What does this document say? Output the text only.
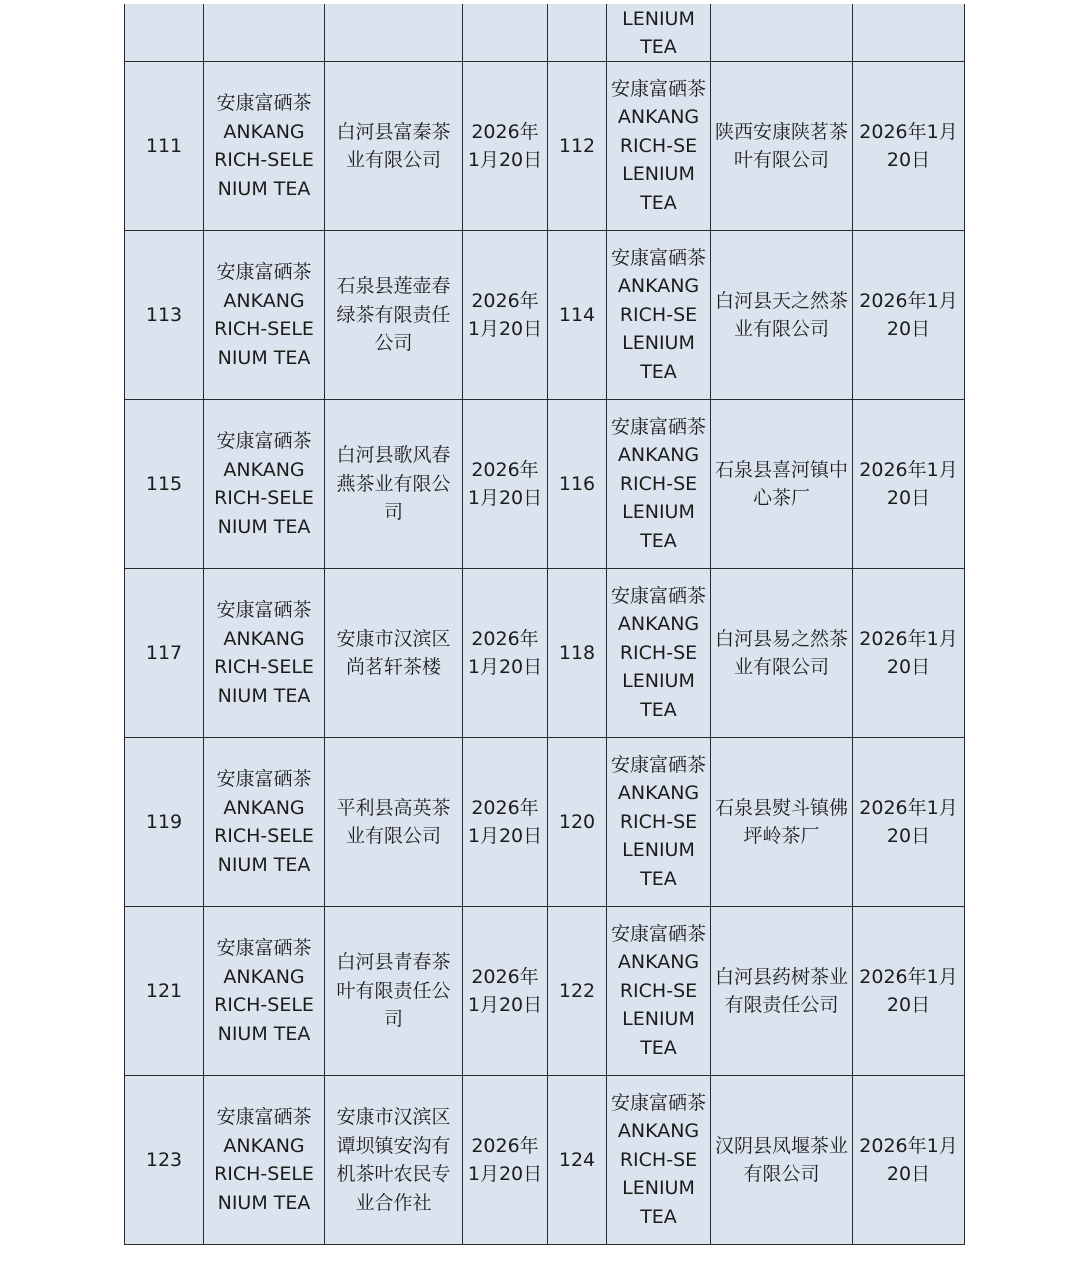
					LENIUM
TEA		
111	安康富硒茶
ANKANG
RICH-SELE
NIUM TEA	白河县富秦茶业有限公司	2026年1月20日	112	安康富硒茶
ANKANG
RICH-SE
LENIUM
TEA	陕西安康陕茗茶叶有限公司	2026年1月20日
113	安康富硒茶
ANKANG
RICH-SELE
NIUM TEA	石泉县莲壶春绿茶有限责任公司	2026年1月20日	114	安康富硒茶
ANKANG
RICH-SE
LENIUM
TEA	白河县天之然茶业有限公司	2026年1月20日
115	安康富硒茶
ANKANG
RICH-SELE
NIUM TEA	白河县歌风春燕茶业有限公司	2026年1月20日	116	安康富硒茶
ANKANG
RICH-SE
LENIUM
TEA	石泉县喜河镇中心茶厂	2026年1月20日
117	安康富硒茶
ANKANG
RICH-SELE
NIUM TEA	安康市汉滨区尚茗轩茶楼	2026年1月20日	118	安康富硒茶
ANKANG
RICH-SE
LENIUM
TEA	白河县易之然茶业有限公司	2026年1月20日
119	安康富硒茶
ANKANG
RICH-SELE
NIUM TEA	平利县高英茶业有限公司	2026年1月20日	120	安康富硒茶
ANKANG
RICH-SE
LENIUM
TEA	石泉县熨斗镇佛坪岭茶厂	2026年1月20日
121	安康富硒茶
ANKANG
RICH-SELE
NIUM TEA	白河县青春茶叶有限责任公司	2026年1月20日	122	安康富硒茶
ANKANG
RICH-SE
LENIUM
TEA	白河县药树茶业有限责任公司	2026年1月20日
123	安康富硒茶
ANKANG
RICH-SELE
NIUM TEA	安康市汉滨区谭坝镇安沟有机茶叶农民专业合作社	2026年1月20日	124	安康富硒茶
ANKANG
RICH-SE
LENIUM
TEA	汉阴县凤堰茶业有限公司	2026年1月20日
